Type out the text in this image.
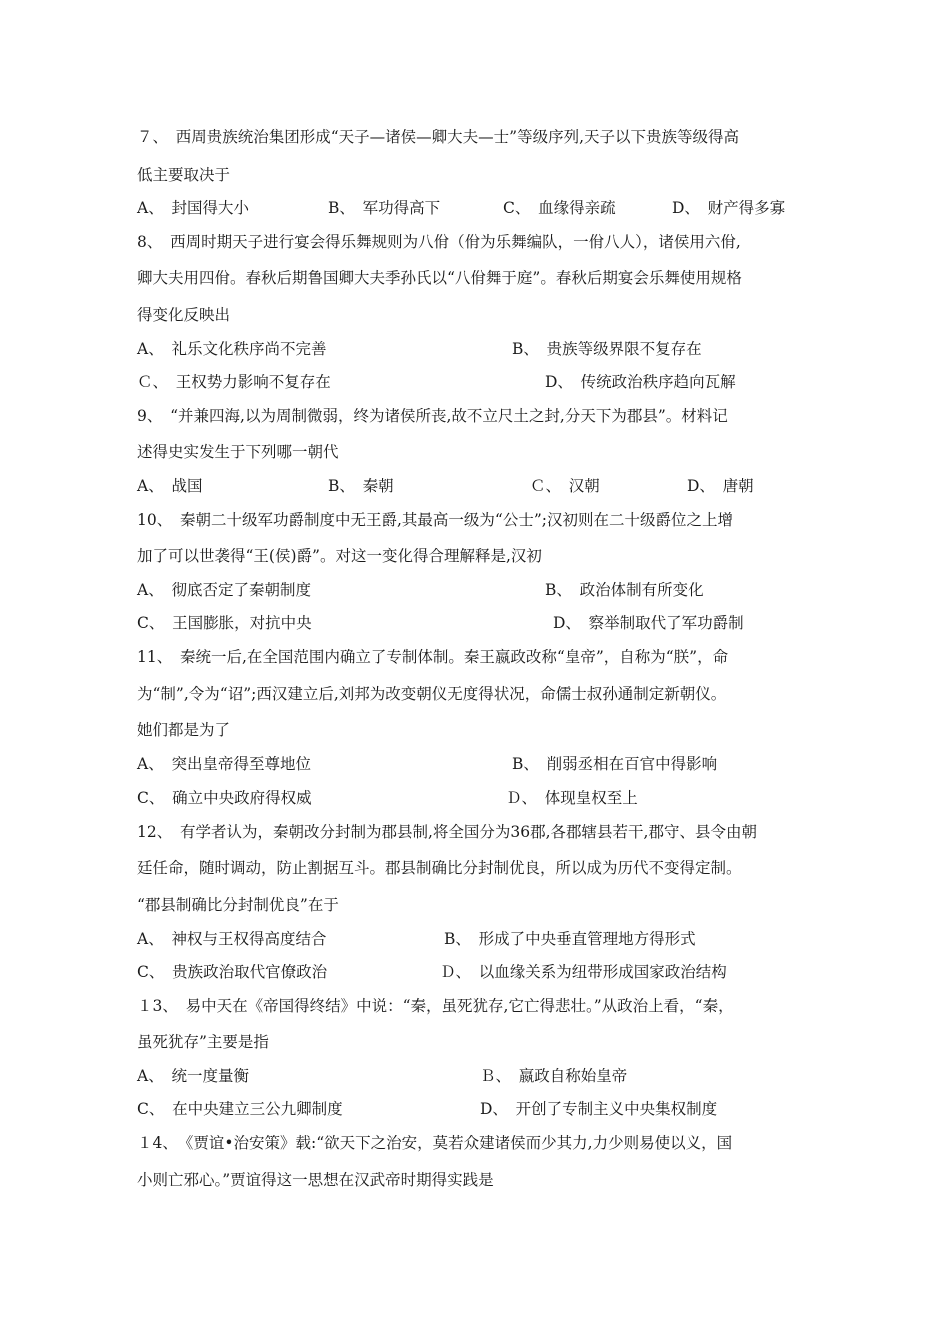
７、　西周贵族统治集团形成“天子—诸侯—卿大夫—士”等级序列,天子以下贵族等级得高
低主要取决于
A、　封国得大小	B、　军功得高下	C、　血缘得亲疏	D、　财产得多寡
8、　西周时期天子进行宴会得乐舞规则为八佾（佾为乐舞编队，一佾八人），诸侯用六佾,
卿大夫用四佾。春秋后期鲁国卿大夫季孙氏以“八佾舞于庭”。春秋后期宴会乐舞使用规格
得变化反映出
A、　礼乐文化秩序尚不完善	B、　贵族等级界限不复存在
Ｃ、　王权势力影响不复存在	D、　传统政治秩序趋向瓦解
9、　“并兼四海,以为周制微弱，终为诸侯所丧,故不立尺土之封,分天下为郡县”。材料记
述得史实发生于下列哪一朝代
A、　战国	B、　秦朝	Ｃ、　汉朝	D、　唐朝
10、　秦朝二十级军功爵制度中无王爵,其最高一级为“公士”;汉初则在二十级爵位之上增
加了可以世袭得“王(侯)爵”。对这一变化得合理解释是,汉初
A、　彻底否定了秦朝制度	B、　政治体制有所变化
C、　王国膨胀，对抗中央	D、　察举制取代了军功爵制
11、　秦统一后,在全国范围内确立了专制体制。秦王嬴政改称“皇帝”，自称为“朕”，命
为“制”,令为“诏”;西汉建立后,刘邦为改变朝仪无度得状况，命儒士叔孙通制定新朝仪。
她们都是为了
A、　突出皇帝得至尊地位	B、　削弱丞相在百官中得影响
C、　确立中央政府得权威	Ｄ、　体现皇权至上
12、　有学者认为，秦朝改分封制为郡县制,将全国分为36郡,各郡辖县若干,郡守、县令由朝
廷任命，随时调动，防止割据互斗。郡县制确比分封制优良，所以成为历代不变得定制。
“郡县制确比分封制优良”在于
A、　神权与王权得高度结合	B、　形成了中央垂直管理地方得形式
C、　贵族政治取代官僚政治	Ｄ、　以血缘关系为纽带形成国家政治结构
１3、　易中天在《帝国得终结》中说：“秦，虽死犹存,它亡得悲壮。”从政治上看，“秦，
虽死犹存”主要是指
A、　统一度量衡	Ｂ、　嬴政自称始皇帝
C、　在中央建立三公九卿制度	D、　开创了专制主义中央集权制度
１4、　《贾谊•治安策》载:“欲天下之治安，莫若众建诸侯而少其力,力少则易使以义，国
小则亡邪心。”贾谊得这一思想在汉武帝时期得实践是
